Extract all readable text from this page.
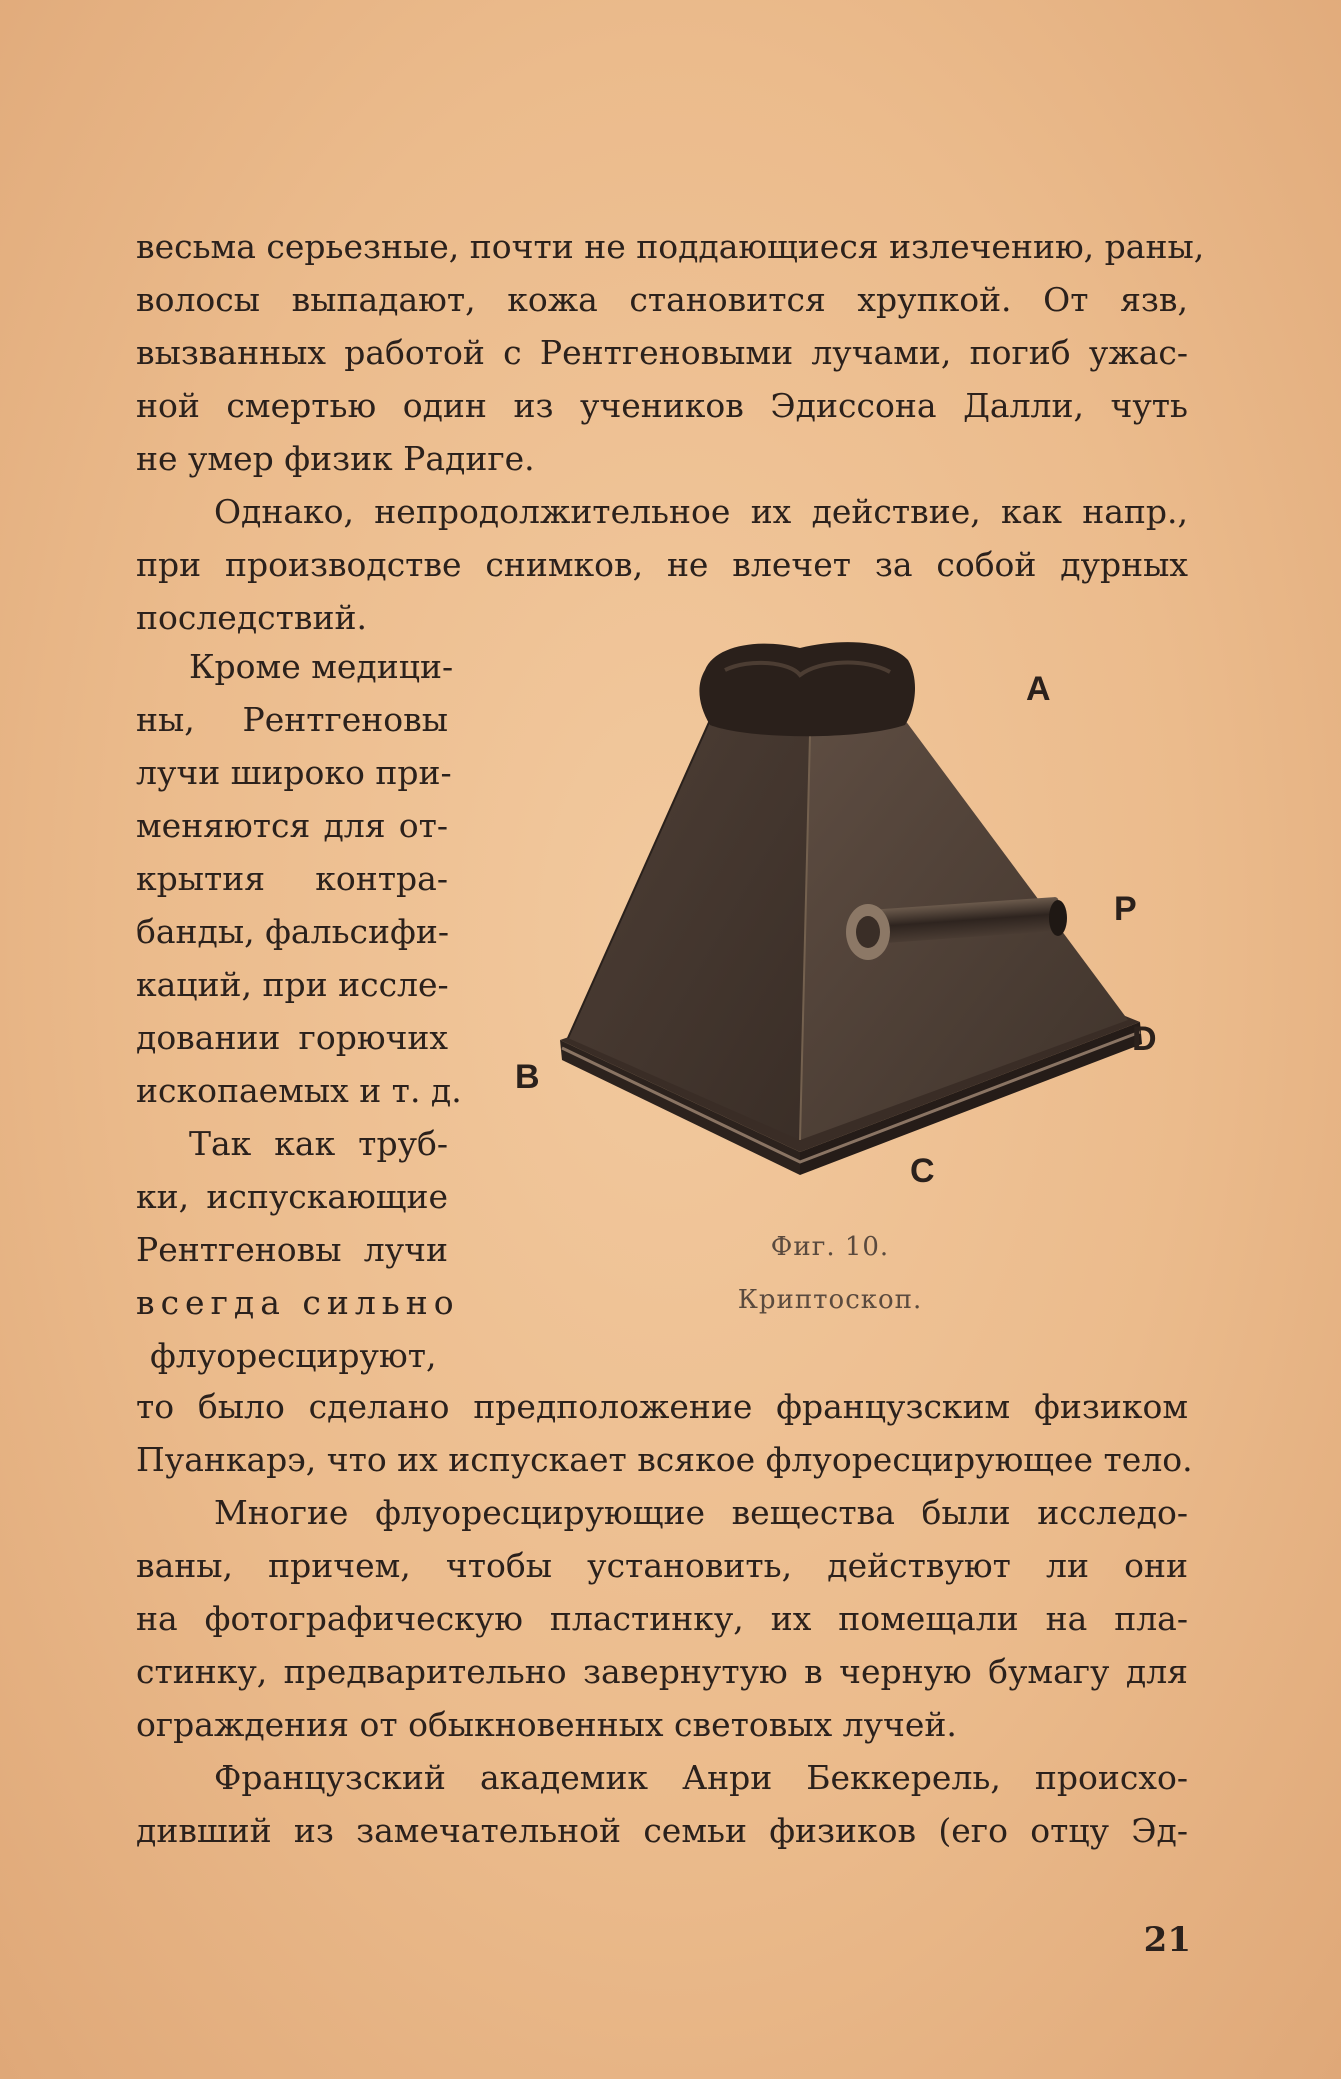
весьма серьезные, почти не поддающиеся излечению, раны,
волосы выпадают, кожа становится хрупкой. От язв,
вызванных работой с Рентгеновыми лучами, погиб ужас-
ной смертью один из учеников Эдиссона Далли, чуть
не умер физик Радиге.
Однако, непродолжительное их действие, как напр.,
при производстве снимков, не влечет за собой дурных
последствий.
Кроме медици-
ны, Рентгеновы
лучи широко при-
меняются для от-
крытия контра-
банды, фальсифи-
каций, при иссле-
довании горючих
ископаемых и т. д.
Так как труб-
ки, испускающие
Рентгеновы лучи
всегда сильно
флуоресцируют,
A
P
D
B
C
Фиг. 10.
Криптоскоп.
то было сделано предположение французским физиком
Пуанкарэ, что их испускает всякое флуоресцирующее тело.
Многие флуоресцирующие вещества были исследо-
ваны, причем, чтобы установить, действуют ли они
на фотографическую пластинку, их помещали на пла-
стинку, предварительно завернутую в черную бумагу для
ограждения от обыкновенных световых лучей.
Французский академик Анри Беккерель, происхо-
дивший из замечательной семьи физиков (его отцу Эд-
21
